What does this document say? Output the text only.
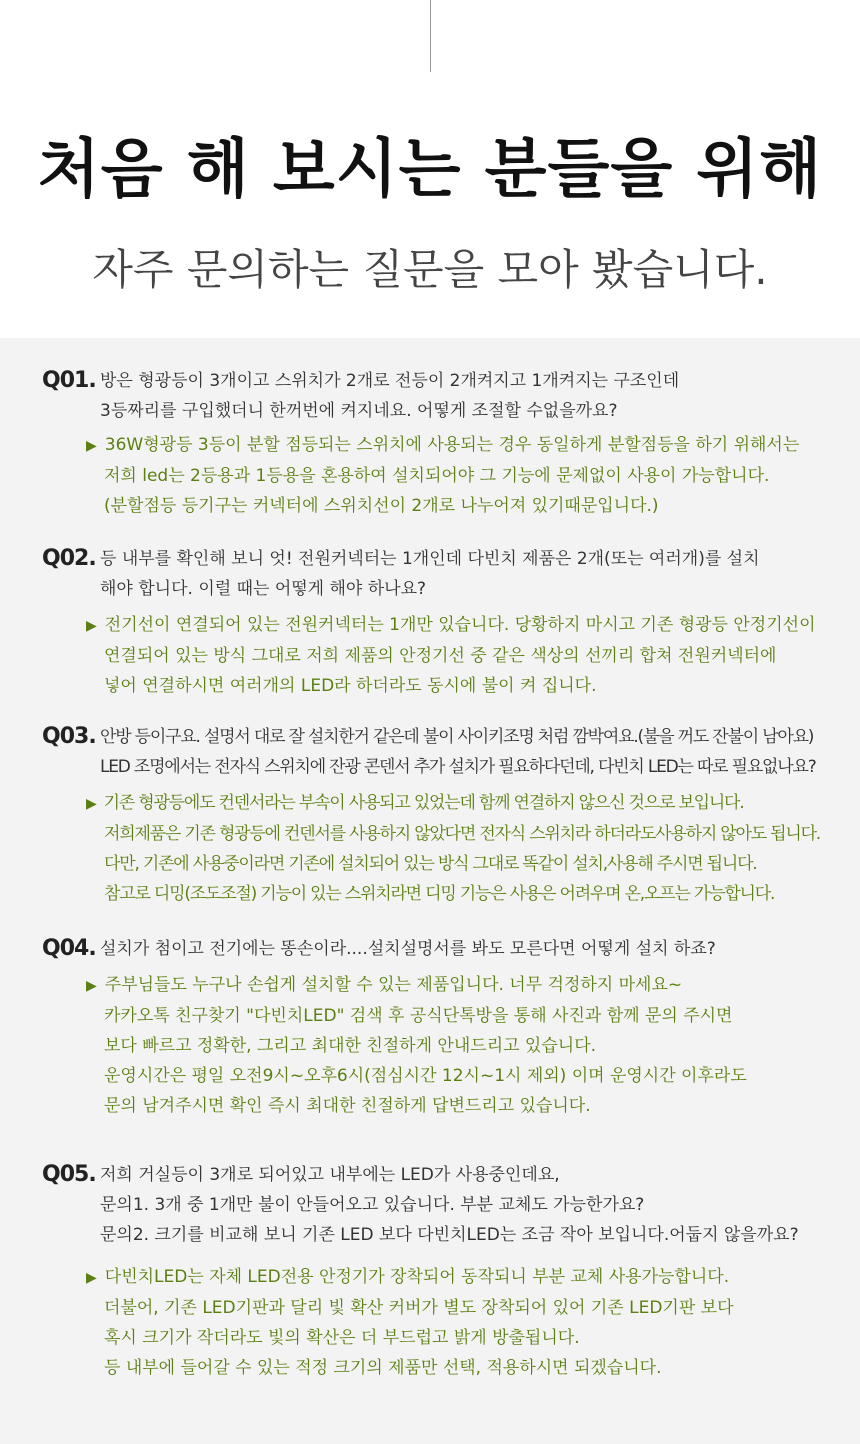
처음 해 보시는 분들을 위해
자주 문의하는 질문을 모아 봤습니다.
Q01. 방은 형광등이 3개이고 스위치가 2개로 전등이 2개켜지고 1개켜지는 구조인데
3등짜리를 구입했더니 한꺼번에 켜지네요. 어떻게 조절할 수없을까요?
▶ 36W형광등 3등이 분할 점등되는 스위치에 사용되는 경우 동일하게 분할점등을 하기 위해서는
저희 led는 2등용과 1등용을 혼용하여 설치되어야 그 기능에 문제없이 사용이 가능합니다.
(분할점등 등기구는 커넥터에 스위치선이 2개로 나누어져 있기때문입니다.)
Q02. 등 내부를 확인해 보니 엇! 전원커넥터는 1개인데 다빈치 제품은 2개(또는 여러개)를 설치
해야 합니다. 이럴 때는 어떻게 해야 하나요?
▶ 전기선이 연결되어 있는 전원커넥터는 1개만 있습니다. 당황하지 마시고 기존 형광등 안정기선이
연결되어 있는 방식 그대로 저희 제품의 안정기선 중 같은 색상의 선끼리 합쳐 전원커넥터에
넣어 연결하시면 여러개의 LED라 하더라도 동시에 불이 켜 집니다.
Q03. 안방 등이구요. 설명서 대로 잘 설치한거 같은데 불이 사이키조명 처럼 깜박여요.(불을 꺼도 잔불이 남아요)
LED 조명에서는 전자식 스위치에 잔광 콘덴서 추가 설치가 필요하다던데, 다빈치 LED는 따로 필요없나요?
▶ 기존 형광등에도 컨덴서라는 부속이 사용되고 있었는데 함께 연결하지 않으신 것으로 보입니다.
저희제품은 기존 형광등에 컨덴서를 사용하지 않았다면 전자식 스위치라 하더라도사용하지 않아도 됩니다.
다만, 기존에 사용중이라면 기존에 설치되어 있는 방식 그대로 똑같이 설치,사용해 주시면 됩니다.
참고로 디밍(조도조절) 기능이 있는 스위치라면 디밍 기능은 사용은 어려우며 온,오프는 가능합니다.
Q04. 설치가 첨이고 전기에는 똥손이라....설치설명서를 봐도 모른다면 어떻게 설치 하죠?
▶ 주부님들도 누구나 손쉽게 설치할 수 있는 제품입니다. 너무 걱정하지 마세요~
카카오톡 친구찾기 "다빈치LED" 검색 후 공식단톡방을 통해 사진과 함께 문의 주시면
보다 빠르고 정확한, 그리고 최대한 친절하게 안내드리고 있습니다.
운영시간은 평일 오전9시~오후6시(점심시간 12시~1시 제외) 이며 운영시간 이후라도
문의 남겨주시면 확인 즉시 최대한 친절하게 답변드리고 있습니다.
Q05. 저희 거실등이 3개로 되어있고 내부에는 LED가 사용중인데요,
문의1. 3개 중 1개만 불이 안들어오고 있습니다. 부분 교체도 가능한가요?
문의2. 크기를 비교해 보니 기존 LED 보다 다빈치LED는 조금 작아 보입니다.어둡지 않을까요?
▶ 다빈치LED는 자체 LED전용 안정기가 장착되어 동작되니 부분 교체 사용가능합니다.
더불어, 기존 LED기판과 달리 빛 확산 커버가 별도 장착되어 있어 기존 LED기판 보다
혹시 크기가 작더라도 빛의 확산은 더 부드럽고 밝게 방출됩니다.
등 내부에 들어갈 수 있는 적정 크기의 제품만 선택, 적용하시면 되겠습니다.
